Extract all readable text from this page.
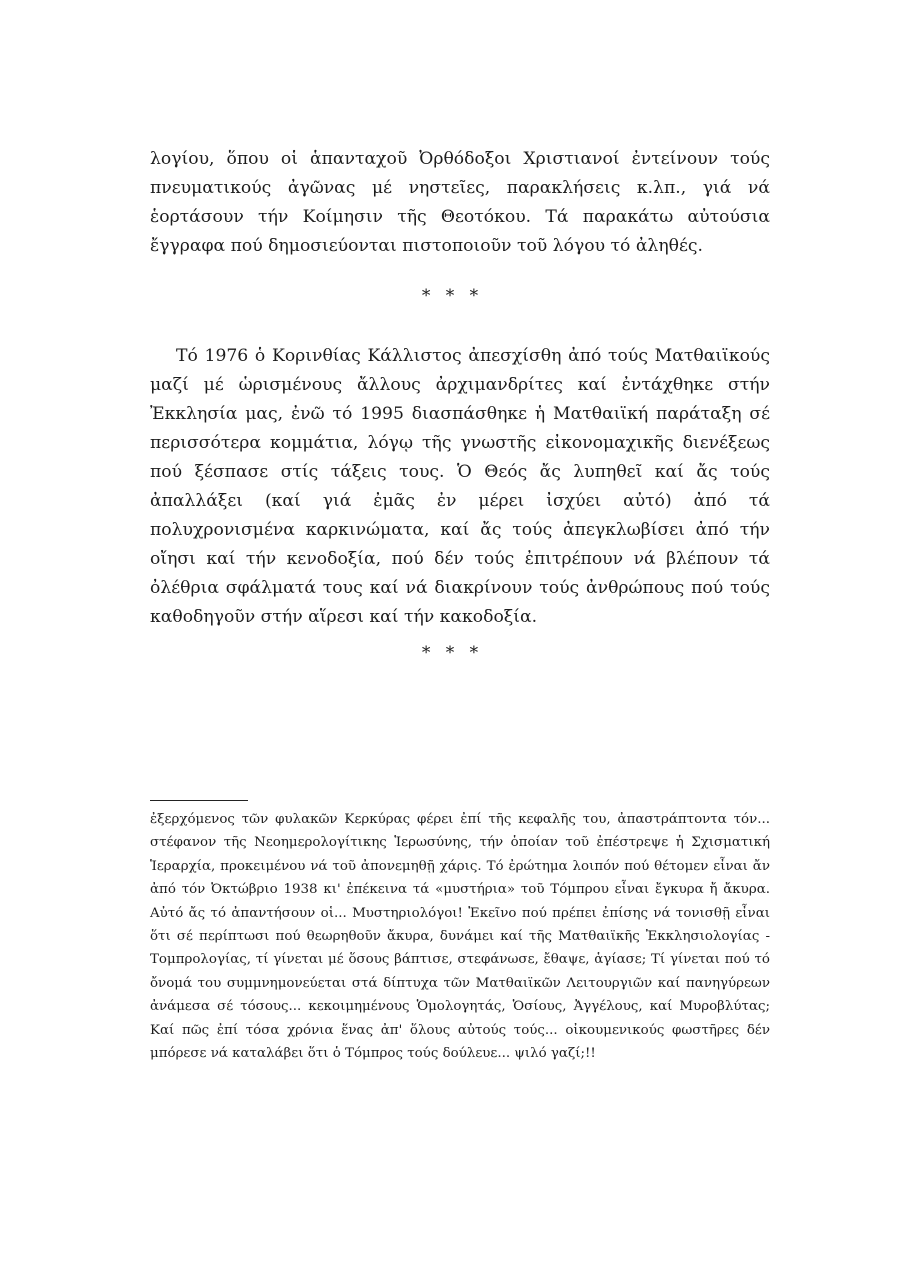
λογίου, ὅπου οἱ ἁπανταχοῦ Ὀρθόδοξοι Χριστιανοί ἐντείνουν τούς πνευματικούς ἀγῶνας μέ νηστεῖες, παρακλήσεις κ.λπ., γιά νά ἑορτάσουν τήν Κοίμησιν τῆς Θεοτόκου. Τά παρακάτω αὐτούσια ἔγγραφα πού δημοσιεύονται πιστοποιοῦν τοῦ λόγου τό ἀληθές.

* * *

Τό 1976 ὁ Κορινθίας Κάλλιστος ἀπεσχίσθη ἀπό τούς Ματθαιϊκούς μαζί μέ ὡρισμένους ἄλλους ἀρχιμανδρίτες καί ἐντάχθηκε στήν Ἐκκλησία μας, ἐνῶ τό 1995 διασπάσθηκε ἡ Ματθαιϊκή παράταξη σέ περισσότερα κομμάτια, λόγῳ τῆς γνωστῆς εἰκονομαχικῆς διενέξεως πού ξέσπασε στίς τάξεις τους. Ὁ Θεός ἄς λυπηθεῖ καί ἄς τούς ἀπαλλάξει (καί γιά ἐμᾶς ἐν μέρει ἰσχύει αὐτό) ἀπό τά πολυχρονισμένα καρκινώματα, καί ἄς τούς ἀπεγκλωβίσει ἀπό τήν οἴησι καί τήν κενοδοξία, πού δέν τούς ἐπιτρέπουν νά βλέπουν τά ὀλέθρια σφάλματά τους καί νά διακρίνουν τούς ἀνθρώπους πού τούς καθοδηγοῦν στήν αἵρεσι καί τήν κακοδοξία.

* * *

ἐξερχόμενος τῶν φυλακῶν Κερκύρας φέρει ἐπί τῆς κεφαλῆς του, ἀπαστράπτοντα τόν... στέφανον τῆς Νεοημερολογίτικης Ἱερωσύνης, τήν ὁποίαν τοῦ ἐπέστρεψε ἡ Σχισματική Ἱεραρχία, προκειμένου νά τοῦ ἀπονεμηθῇ χάρις. Τό ἐρώτημα λοιπόν πού θέτομεν εἶναι ἄν ἀπό τόν Ὀκτώβριο 1938 κι' ἐπέκεινα τά «μυστήρια» τοῦ Τόμπρου εἶναι ἔγκυρα ἤ ἄκυρα. Αὐτό ἄς τό ἀπαντήσουν οἱ... Μυστηριολόγοι! Ἐκεῖνο πού πρέπει ἐπίσης νά τονισθῇ εἶναι ὅτι σέ περίπτωσι πού θεωρηθοῦν ἄκυρα, δυνάμει καί τῆς Ματθαιϊκῆς Ἐκκλησιολογίας - Τομπρολογίας, τί γίνεται μέ ὅσους βάπτισε, στεφάνωσε, ἔθαψε, ἁγίασε; Τί γίνεται πού τό ὄνομά του συμμνημονεύεται στά δίπτυχα τῶν Ματθαιϊκῶν Λειτουργιῶν καί πανηγύρεων ἀνάμεσα σέ τόσους... κεκοιμημένους Ὁμολογητάς, Ὁσίους, Ἀγγέλους, καί Μυροβλύτας; Καί πῶς ἐπί τόσα χρόνια ἕνας ἀπ' ὅλους αὐτούς τούς... οἰκουμενικούς φωστῆρες δέν μπόρεσε νά καταλάβει ὅτι ὁ Τόμπρος τούς δούλευε... ψιλό γαζί;!!
